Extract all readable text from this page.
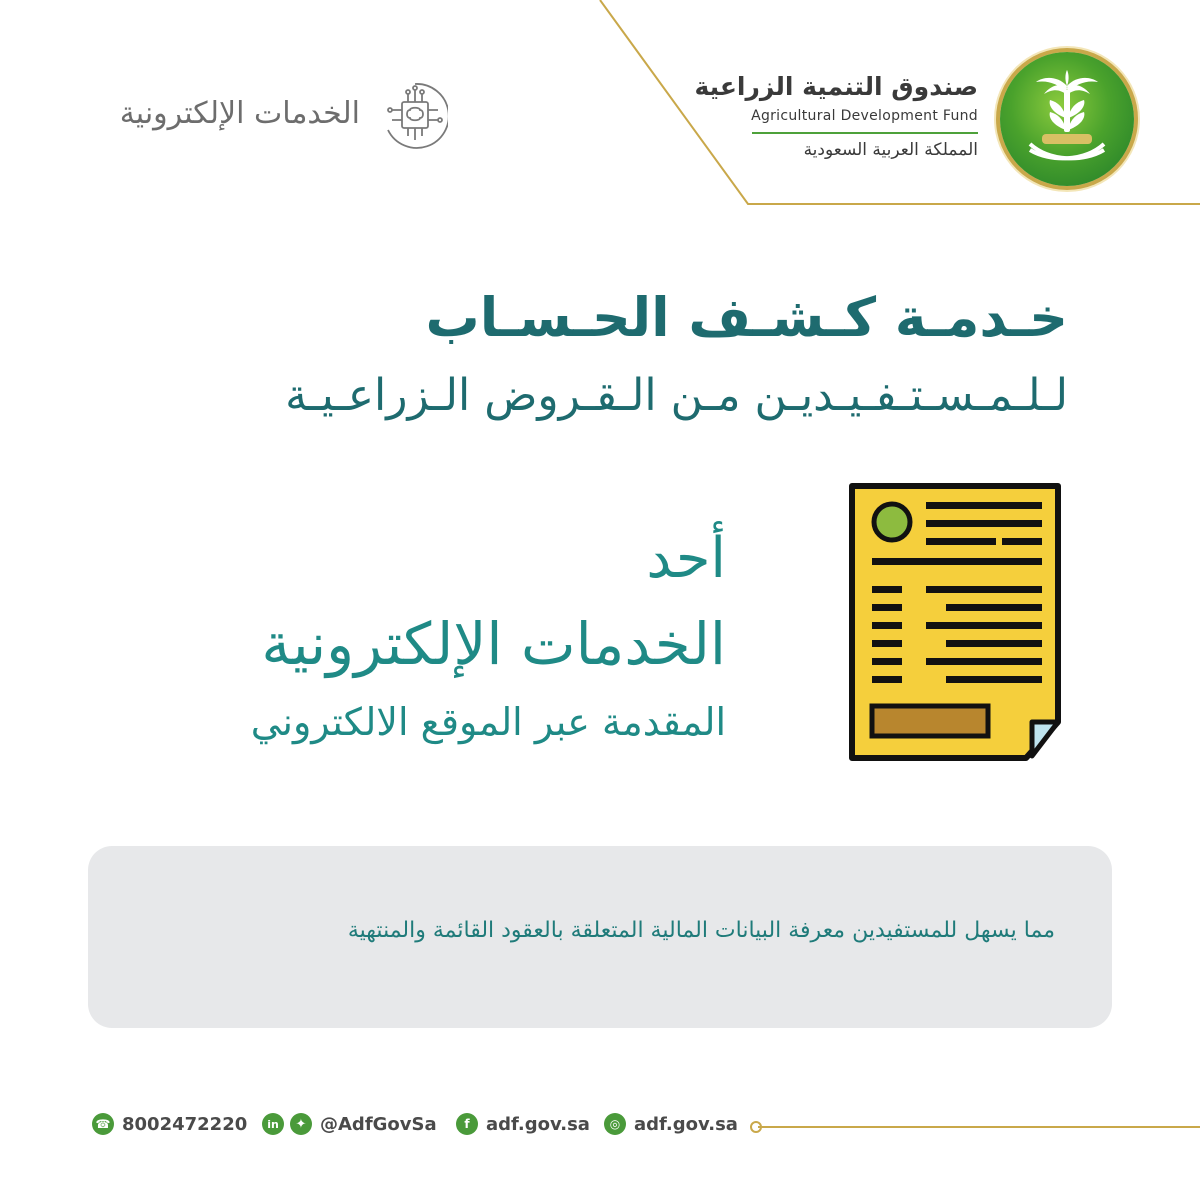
صندوق التنمية الزراعية
Agricultural Development Fund
المملكة العربية السعودية
الخدمات الإلكترونية
خـدمـة كـشـف الحـسـاب
لـلـمـسـتـفـيـديـن مـن الـقـروض الـزراعـيـة
أحد
الخدمات الإلكترونية
المقدمة عبر الموقع الالكتروني
مما يسهل للمستفيدين معرفة البيانات المالية المتعلقة بالعقود القائمة والمنتهية
☎ 8002472220	in	✦ @AdfGovSa	f adf.gov.sa	◎ adf.gov.sa
